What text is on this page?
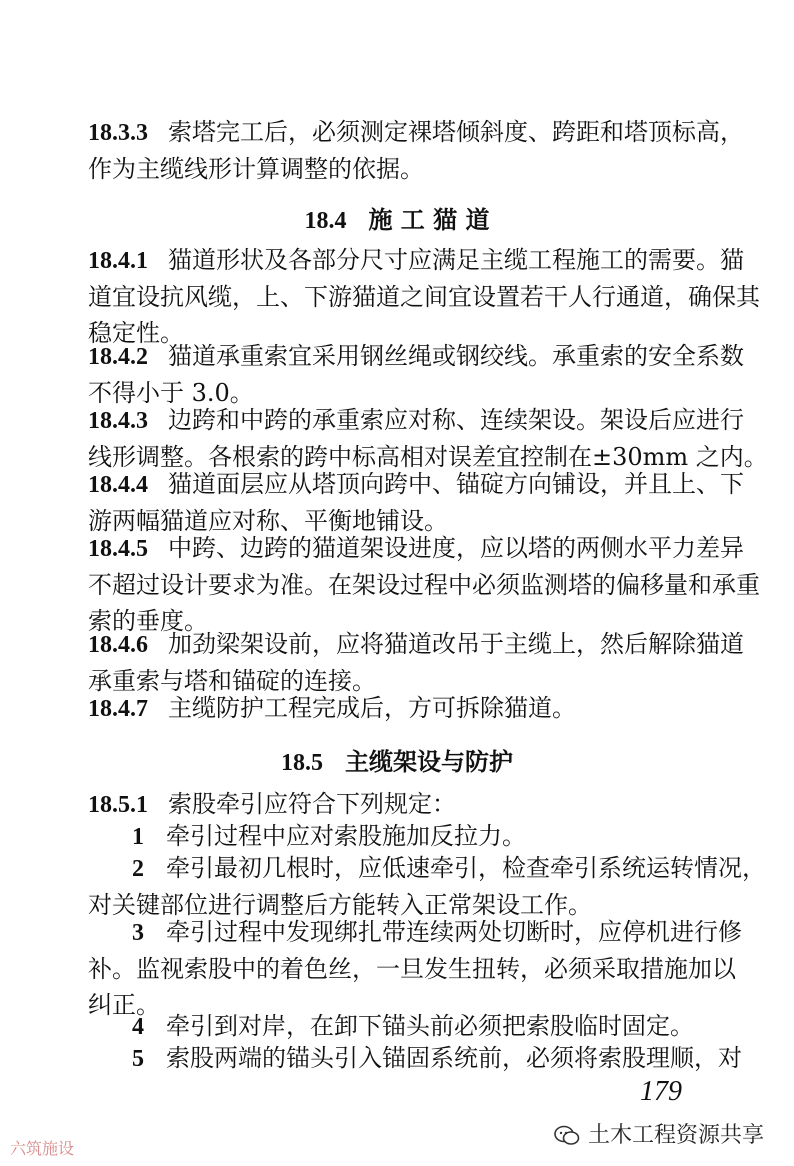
18.3.3 索塔完工后，必须测定裸塔倾斜度、跨距和塔顶标高，
作为主缆线形计算调整的依据。
18.4 施 工 猫 道
18.4.1 猫道形状及各部分尺寸应满足主缆工程施工的需要。猫
道宜设抗风缆，上、下游猫道之间宜设置若干人行通道，确保其
稳定性。
18.4.2 猫道承重索宜采用钢丝绳或钢绞线。承重索的安全系数
不得小于 3.0。
18.4.3 边跨和中跨的承重索应对称、连续架设。架设后应进行
线形调整。各根索的跨中标高相对误差宜控制在±30mm 之内。
18.4.4 猫道面层应从塔顶向跨中、锚碇方向铺设，并且上、下
游两幅猫道应对称、平衡地铺设。
18.4.5 中跨、边跨的猫道架设进度，应以塔的两侧水平力差异
不超过设计要求为准。在架设过程中必须监测塔的偏移量和承重
索的垂度。
18.4.6 加劲梁架设前，应将猫道改吊于主缆上，然后解除猫道
承重索与塔和锚碇的连接。
18.4.7 主缆防护工程完成后，方可拆除猫道。
18.5 主缆架设与防护
18.5.1 索股牵引应符合下列规定：
1 牵引过程中应对索股施加反拉力。
2 牵引最初几根时，应低速牵引，检查牵引系统运转情况，
对关键部位进行调整后方能转入正常架设工作。
3 牵引过程中发现绑扎带连续两处切断时，应停机进行修
补。监视索股中的着色丝，一旦发生扭转，必须采取措施加以
纠正。
4 牵引到对岸，在卸下锚头前必须把索股临时固定。
5 索股两端的锚头引入锚固系统前，必须将索股理顺，对
179
土木工程资源共享
六筑施设
